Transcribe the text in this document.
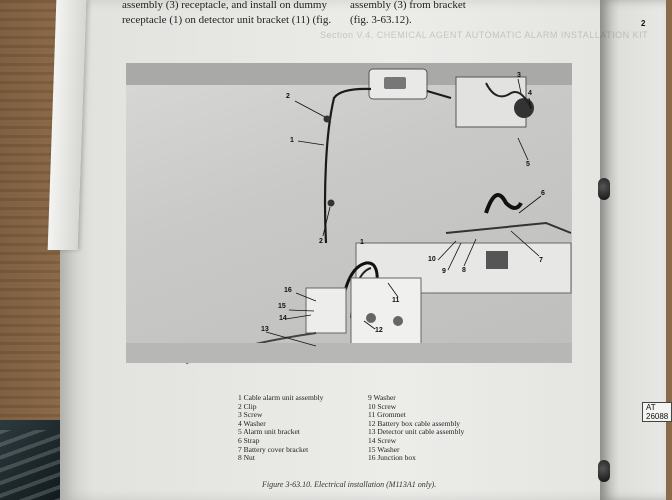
assembly (3) receptacle, and install on dummy
receptacle (1) on detector unit bracket (11) (fig.
assembly (3) from bracket
(fig. 3-63.12).
Section V.4. CHEMICAL AGENT AUTOMATIC ALARM INSTALLATION KIT
2
1
2
3
4
5
6
7
1
8
9
10
11
12
13
14
15
16
AT 26088
1 Cable alarm unit assembly
2 Clip
3 Screw
4 Washer
5 Alarm unit bracket
6 Strap
7 Battery cover bracket
8 Nut
9 Washer
10 Screw
11 Grommet
12 Battery box cable assembly
13 Detector unit cable assembly
14 Screw
15 Washer
16 Junction box
Figure 3-63.10. Electrical installation (M113A1 only).
2
